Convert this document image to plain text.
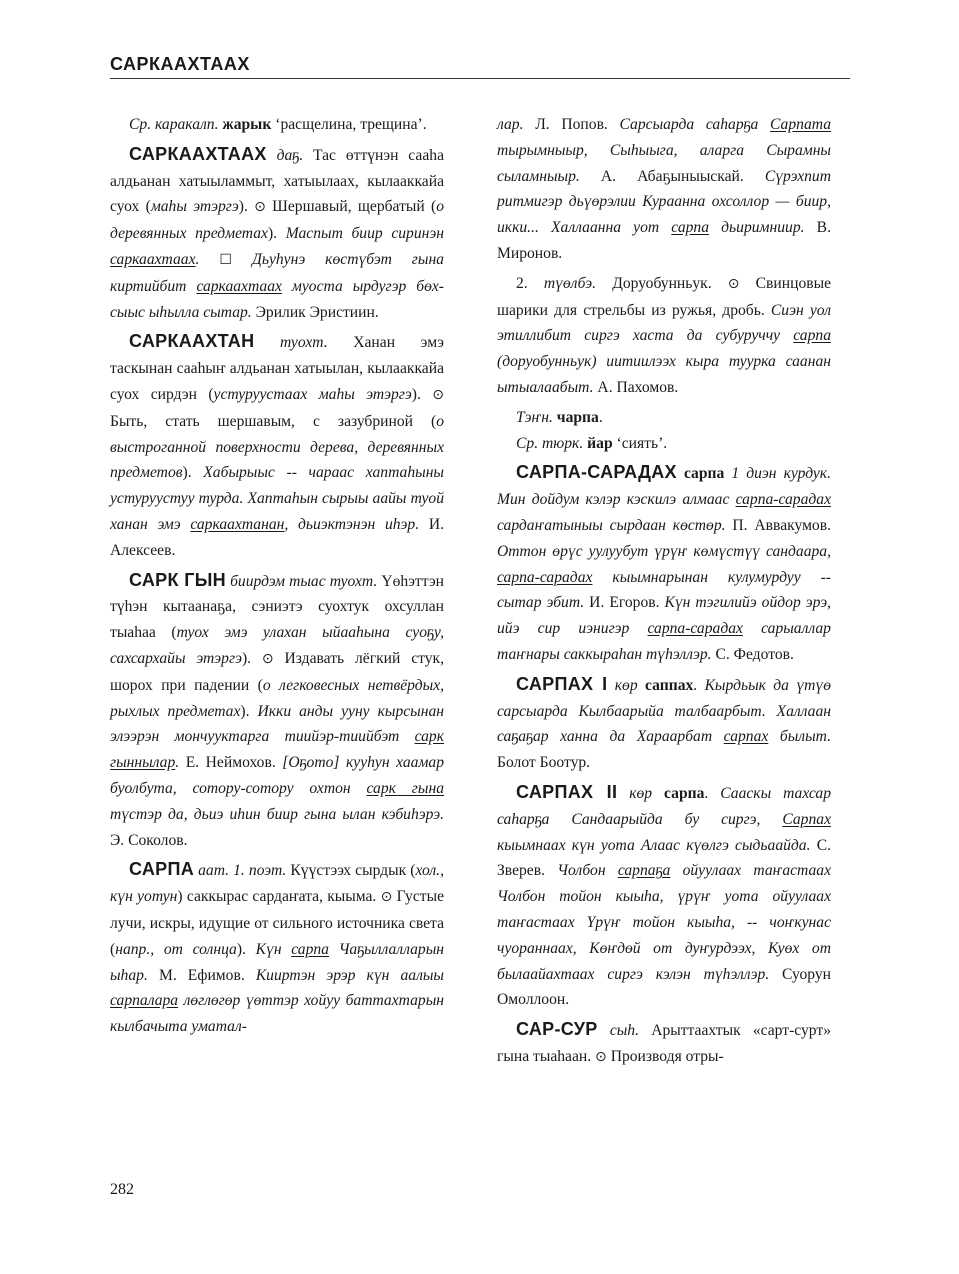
САРКААХТААХ

Ср. каракалп. жарык ‘расщелина, трещина’.

САРКААХТААХ даҕ. Тас өттүнэн сааһа алдьанан хатыыламмыт, хатыылаах, кылааккайа суох (маһы этэргэ). ⊙ Шершавый, щербатый (о деревянных предметах). Маспыт биир сиринэн саркаахтаах. ☐ Дьуһунэ көстүбэт гына киртийбит саркаахтаах муоста ырдугэр бөх-сыыс ыһылла сытар. Эрилик Эристиин.

САРКААХТАН туохт. Ханан эмэ таскынан сааһыҥ алдьанан хатыылан, кылааккайа суох сирдэн (устуруустаах маһы этэргэ). ⊙ Быть, стать шершавым, с зазубриной (о выстроганной поверхности дерева, деревянных предметов). Хабырыыс -- чараас хаптаһыны устуруустуу турда. Хаптаһын сырыы аайы туой ханан эмэ саркаахтанан, дьиэктэнэн иһэр. И. Алексеев.

САРК ГЫН биирдэм тыас туохт. Үөһэттэн түһэн кытаанаҕа, сэниэтэ суохтук охсуллан тыаһаа (туох эмэ улахан ыйааһына суоҕу, сахсархайы этэргэ). ⊙ Издавать лёгкий стук, шорох при падении (о легковесных нетвёрдых, рыхлых предметах). Икки анды ууну кырсынан элээрэн мончууктарга тиийэр-тиийбэт сарк гыннылар. Е. Неймохов. [Оҕото] кууһун хаамар буолбута, сотору-сотору охтон сарк гына түстэр да, дьиэ иһин биир гына ылан кэбиһэрэ. Э. Соколов.

САРПА аат. 1. поэт. Күүстээх сырдык (хол., күн уотун) саккырас сардаҥата, кыыма. ⊙ Густые лучи, искры, идущие от сильного источника света (напр., от солнца). Күн сарпа Чаҕыллалларын ыһар. М. Ефимов. Кииртэн эрэр күн аалыы сарпалара лөглөгөр үөттэр хойуу баттахтарын кылбачыта уматал-

лар. Л. Попов. Сарсыарда саһарҕа Сарпата тырымныыр, Сыһыыга, аларга Сырамны сыламныыр. А. Абаҕыныыскай. Сүрэхпит ритмигэр дьүөрэлии Кураанна охсоллор — биир, икки... Халлаанна уот сарпа дьиримниир. В. Миронов.

2. түөлбэ. Доруобунньук. ⊙ Свинцовые шарики для стрельбы из ружья, дробь. Сиэн уол этиллибит сиргэ хаста да субуруччу сарпа (доруобунньук) иитиилээх кыра туурка саанан ытыалаабыт. А. Пахомов.

Тэҥн. чарпа.

Ср. тюрк. йар ‘сиять’.

САРПА-САРАДАХ сарпа 1 диэн курдук. Мин дойдум кэлэр кэскилэ алмаас сарпа-сарадах сардаҥатыныы сырдаан көстөр. П. Аввакумов. Оттон өрүс уулуубут үрүҥ көмүстүү сандаара, сарпа-сарадах кыымнарынан кулумурдуу -- сытар эбит. И. Егоров. Күн тэгилийэ ойдор эрэ, ийэ сир иэнигэр сарпа-сарадах сарыаллар таҥнары саккыраһан түһэллэр. С. Федотов.

САРПАХ I көр саппах. Кырдьык да үтүө сарсыарда Кылбаарыйа талбаарбыт. Халлаан саҕаҕар ханна да Хараарбат сарпах былыт. Болот Боотур.

САРПАХ II көр сарпа. Сааскы тахсар саһарҕа Сандаарыйда бу сиргэ, Сарпах кыымнаах күн уота Алаас күөлгэ сыдьаайда. С. Зверев. Чолбон сарпаҕа ойуулаах таҥастаах Чолбон тойон кыыһа, үрүҥ уота ойуулаах таҥастаах Үрүҥ тойон кыыһа, -- чоҥкунас чуораннаах, Көҥдөй от дуҥурдээх, Куөх от былаайахтаах сиргэ кэлэн түһэллэр. Суорун Омоллоон.

САР-СУР сыһ. Арыттаахтык «сарт-сурт» гына тыаһаан. ⊙ Производя отры-

282
